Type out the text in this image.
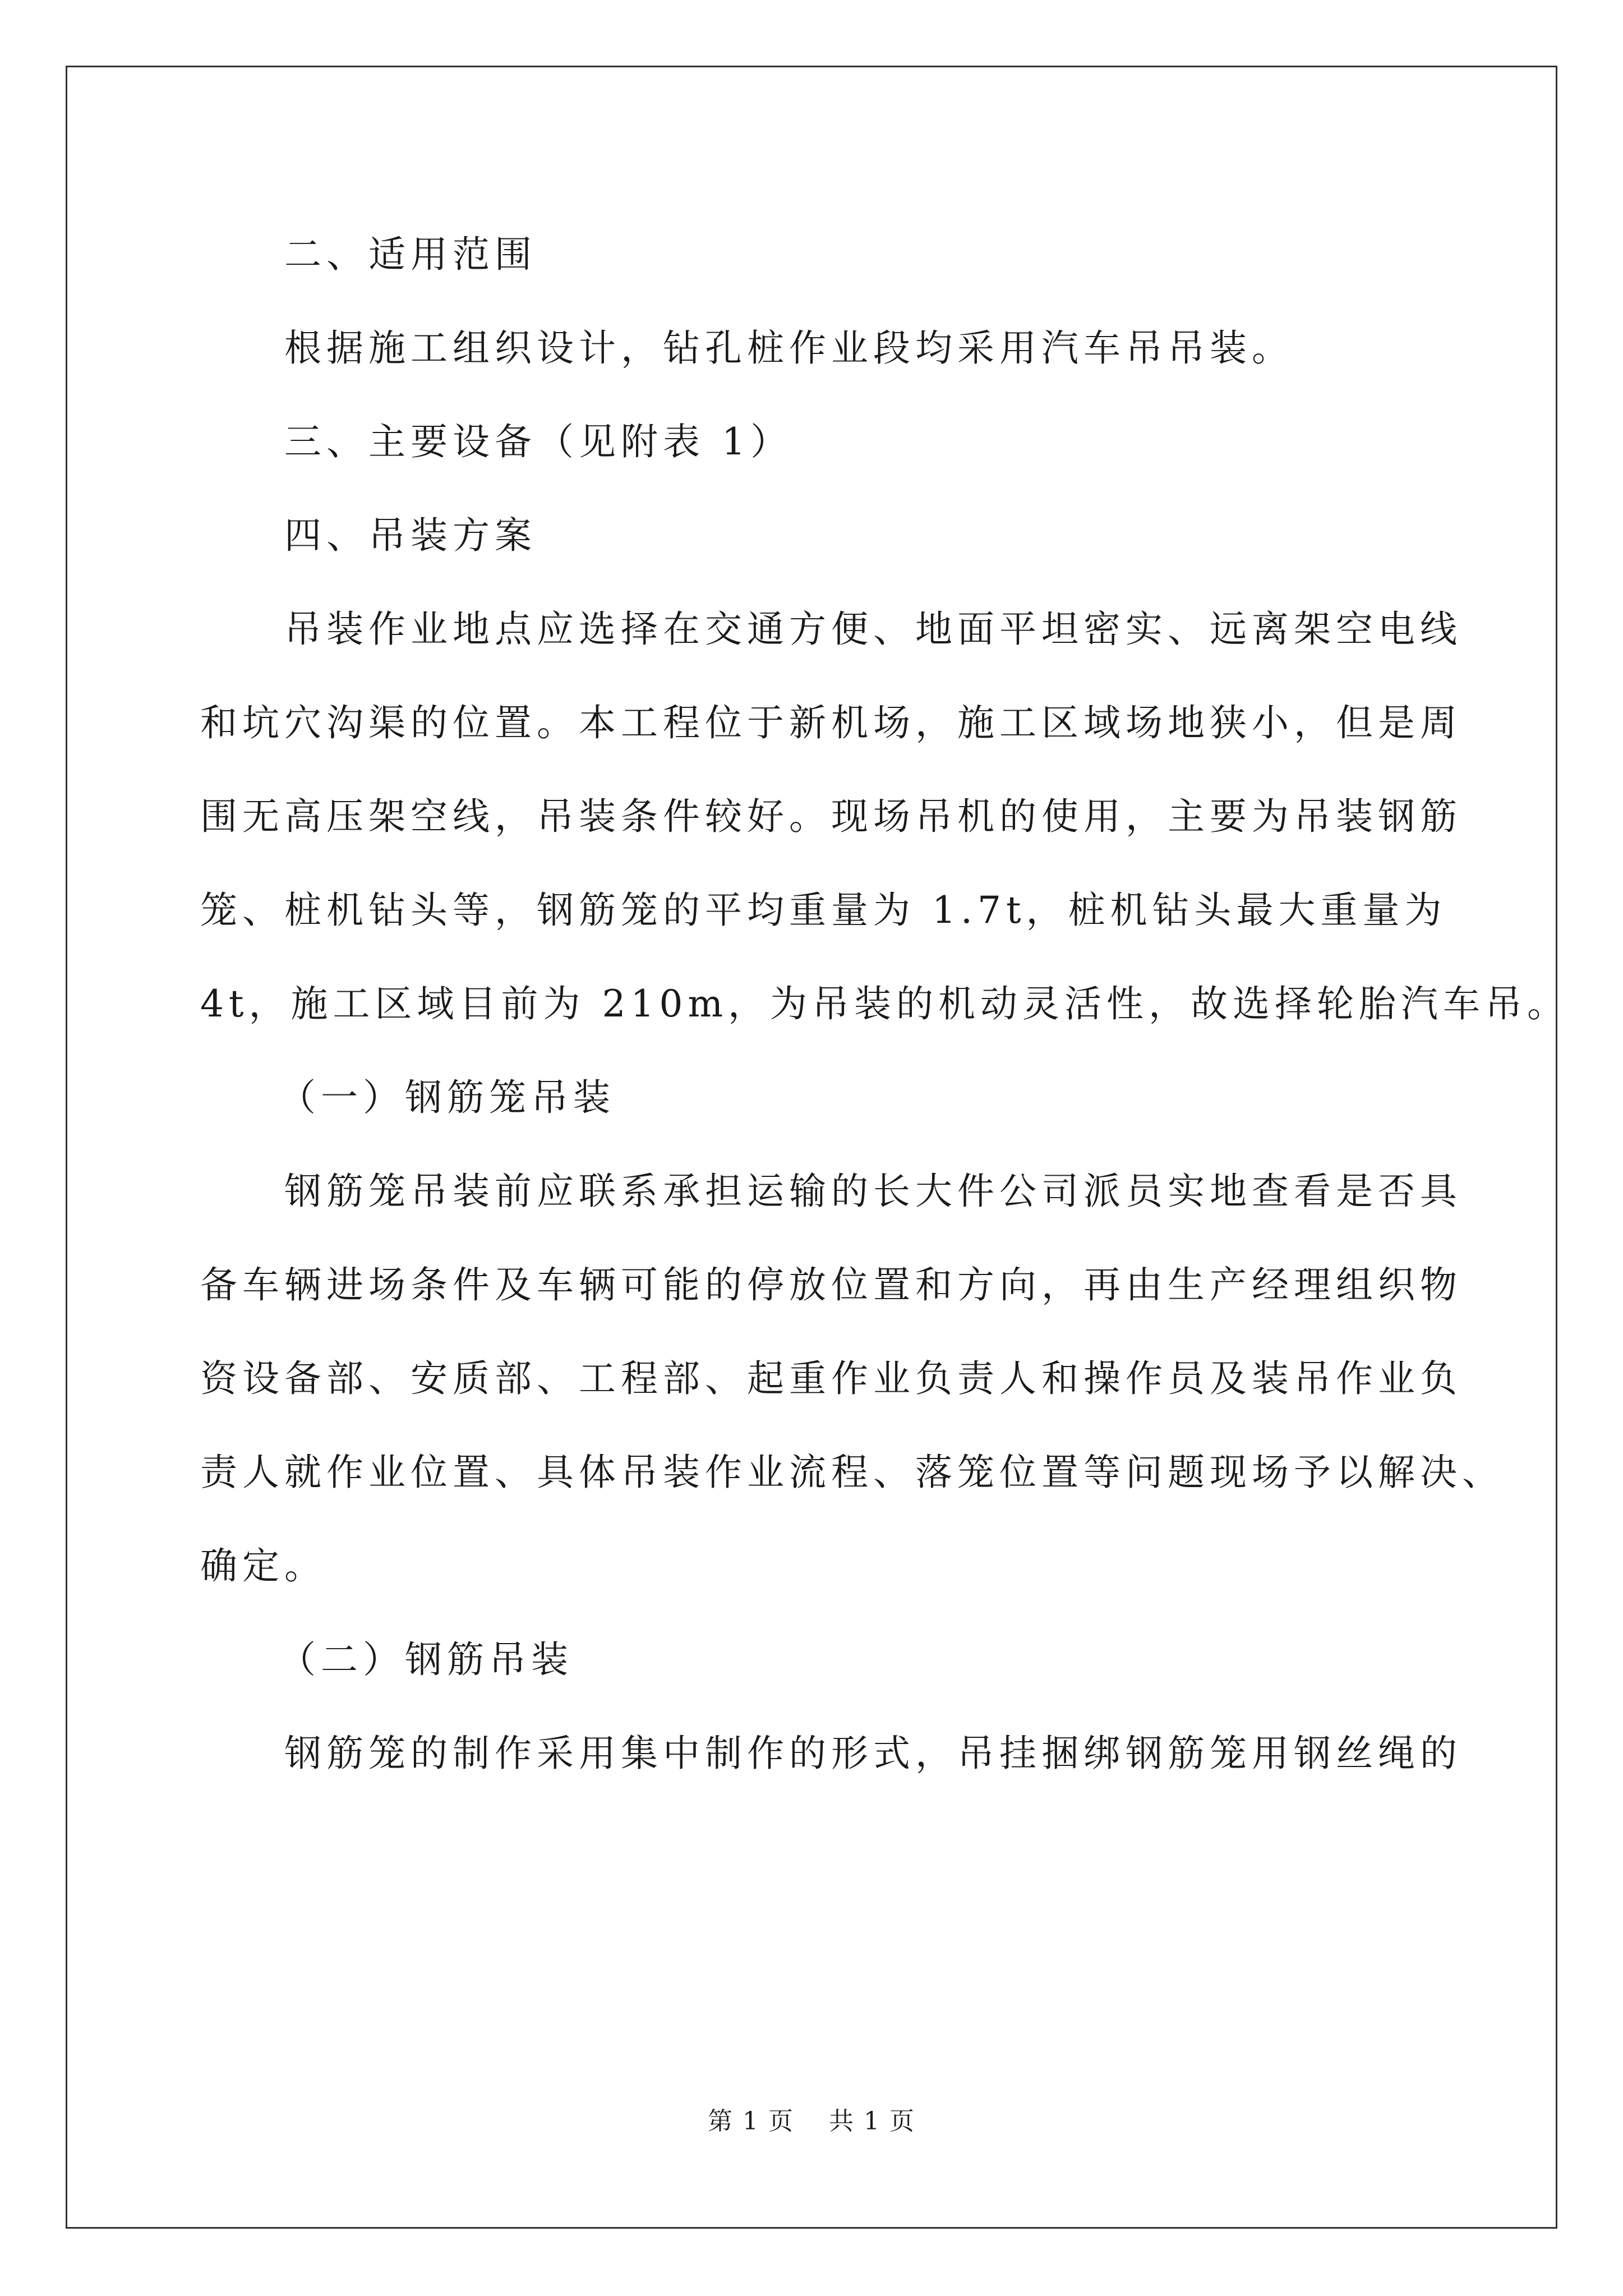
二、适用范围
根据施工组织设计，钻孔桩作业段均采用汽车吊吊装。
三、主要设备（见附表 1）
四、吊装方案
吊装作业地点应选择在交通方便、地面平坦密实、远离架空电线
和坑穴沟渠的位置。本工程位于新机场，施工区域场地狭小，但是周
围无高压架空线，吊装条件较好。现场吊机的使用，主要为吊装钢筋
笼、桩机钻头等，钢筋笼的平均重量为 1.7t，桩机钻头最大重量为
4t，施工区域目前为 210m，为吊装的机动灵活性，故选择轮胎汽车吊。
（一）钢筋笼吊装
钢筋笼吊装前应联系承担运输的长大件公司派员实地查看是否具
备车辆进场条件及车辆可能的停放位置和方向，再由生产经理组织物
资设备部、安质部、工程部、起重作业负责人和操作员及装吊作业负
责人就作业位置、具体吊装作业流程、落笼位置等问题现场予以解决、
确定。
（二）钢筋吊装
钢筋笼的制作采用集中制作的形式，吊挂捆绑钢筋笼用钢丝绳的
第 1 页　 共 1 页
